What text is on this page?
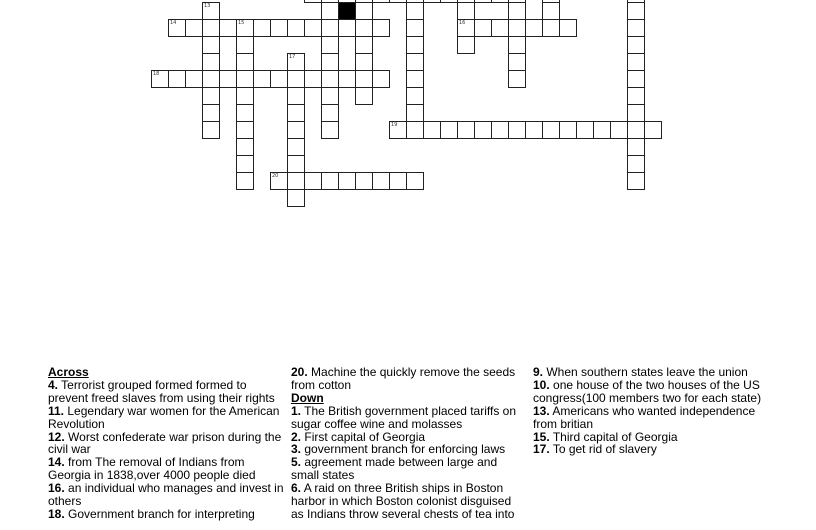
13
15
17
16
14
18
19
20
Across
4. Terrorist grouped formed formed to prevent freed slaves from using their rights
11. Legendary war women for the American Revolution
12. Worst confederate war prison during the civil war
14. from The removal of Indians from Georgia in 1838,over 4000 people died
16. an individual who manages and invest in others
18. Government branch for interpreting
20. Machine the quickly remove the seeds from cotton
Down
1. The British government placed tariffs on sugar coffee wine and molasses
2. First capital of Georgia
3. government branch for enforcing laws
5. agreement made between large and small states
6. A raid on three British ships in Boston harbor in which Boston colonist disguised as Indians throw several chests of tea into
9. When southern states leave the union
10. one house of the two houses of the US congress(100 members two for each state)
13. Americans who wanted independence from britian
15. Third capital of Georgia
17. To get rid of slavery
